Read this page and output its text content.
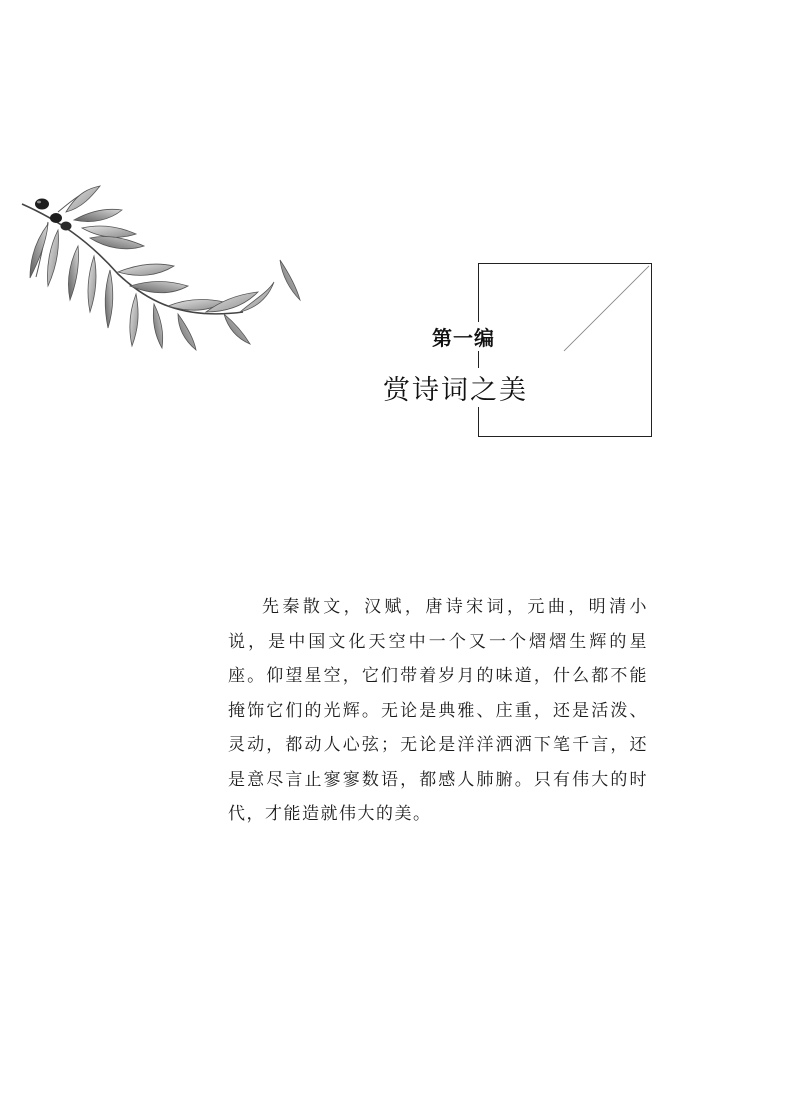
第一编
赏诗词之美

先秦散文，汉赋，唐诗宋词，元曲，明清小说，是中国文化天空中一个又一个熠熠生辉的星座。仰望星空，它们带着岁月的味道，什么都不能掩饰它们的光辉。无论是典雅、庄重，还是活泼、灵动，都动人心弦；无论是洋洋洒洒下笔千言，还是意尽言止寥寥数语，都感人肺腑。只有伟大的时代，才能造就伟大的美。
